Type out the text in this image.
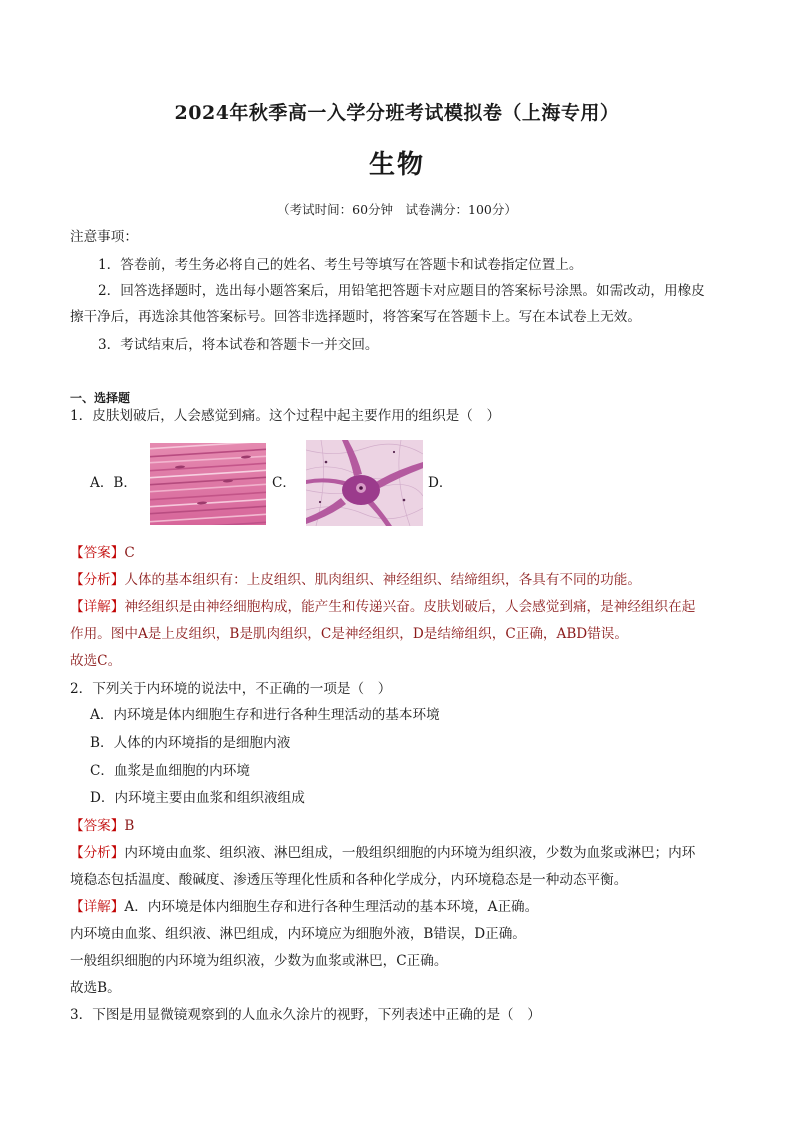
2024年秋季高一入学分班考试模拟卷（上海专用）
生物
（考试时间：60分钟　试卷满分：100分）
注意事项：
1．答卷前，考生务必将自己的姓名、考生号等填写在答题卡和试卷指定位置上。
2．回答选择题时，选出每小题答案后，用铅笔把答题卡对应题目的答案标号涂黑。如需改动，用橡皮
擦干净后，再选涂其他答案标号。回答非选择题时，将答案写在答题卡上。写在本试卷上无效。
3．考试结束后，将本试卷和答题卡一并交回。
一、选择题
1．皮肤划破后，人会感觉到痛。这个过程中起主要作用的组织是（　）
A．B．	C．	D．
【答案】C
【分析】人体的基本组织有：上皮组织、肌肉组织、神经组织、结缔组织，各具有不同的功能。
【详解】神经组织是由神经细胞构成，能产生和传递兴奋。皮肤划破后，人会感觉到痛，是神经组织在起
作用。图中A是上皮组织，B是肌肉组织，C是神经组织，D是结缔组织，C正确，ABD错误。
故选C。
2．下列关于内环境的说法中，不正确的一项是（　）
A．内环境是体内细胞生存和进行各种生理活动的基本环境
B．人体的内环境指的是细胞内液
C．血浆是血细胞的内环境
D．内环境主要由血浆和组织液组成
【答案】B
【分析】内环境由血浆、组织液、淋巴组成，一般组织细胞的内环境为组织液，少数为血浆或淋巴；内环
境稳态包括温度、酸碱度、渗透压等理化性质和各种化学成分，内环境稳态是一种动态平衡。
【详解】A．内环境是体内细胞生存和进行各种生理活动的基本环境，A正确。
内环境由血浆、组织液、淋巴组成，内环境应为细胞外液，B错误，D正确。
一般组织细胞的内环境为组织液，少数为血浆或淋巴，C正确。
故选B。
3．下图是用显微镜观察到的人血永久涂片的视野，下列表述中正确的是（　）
